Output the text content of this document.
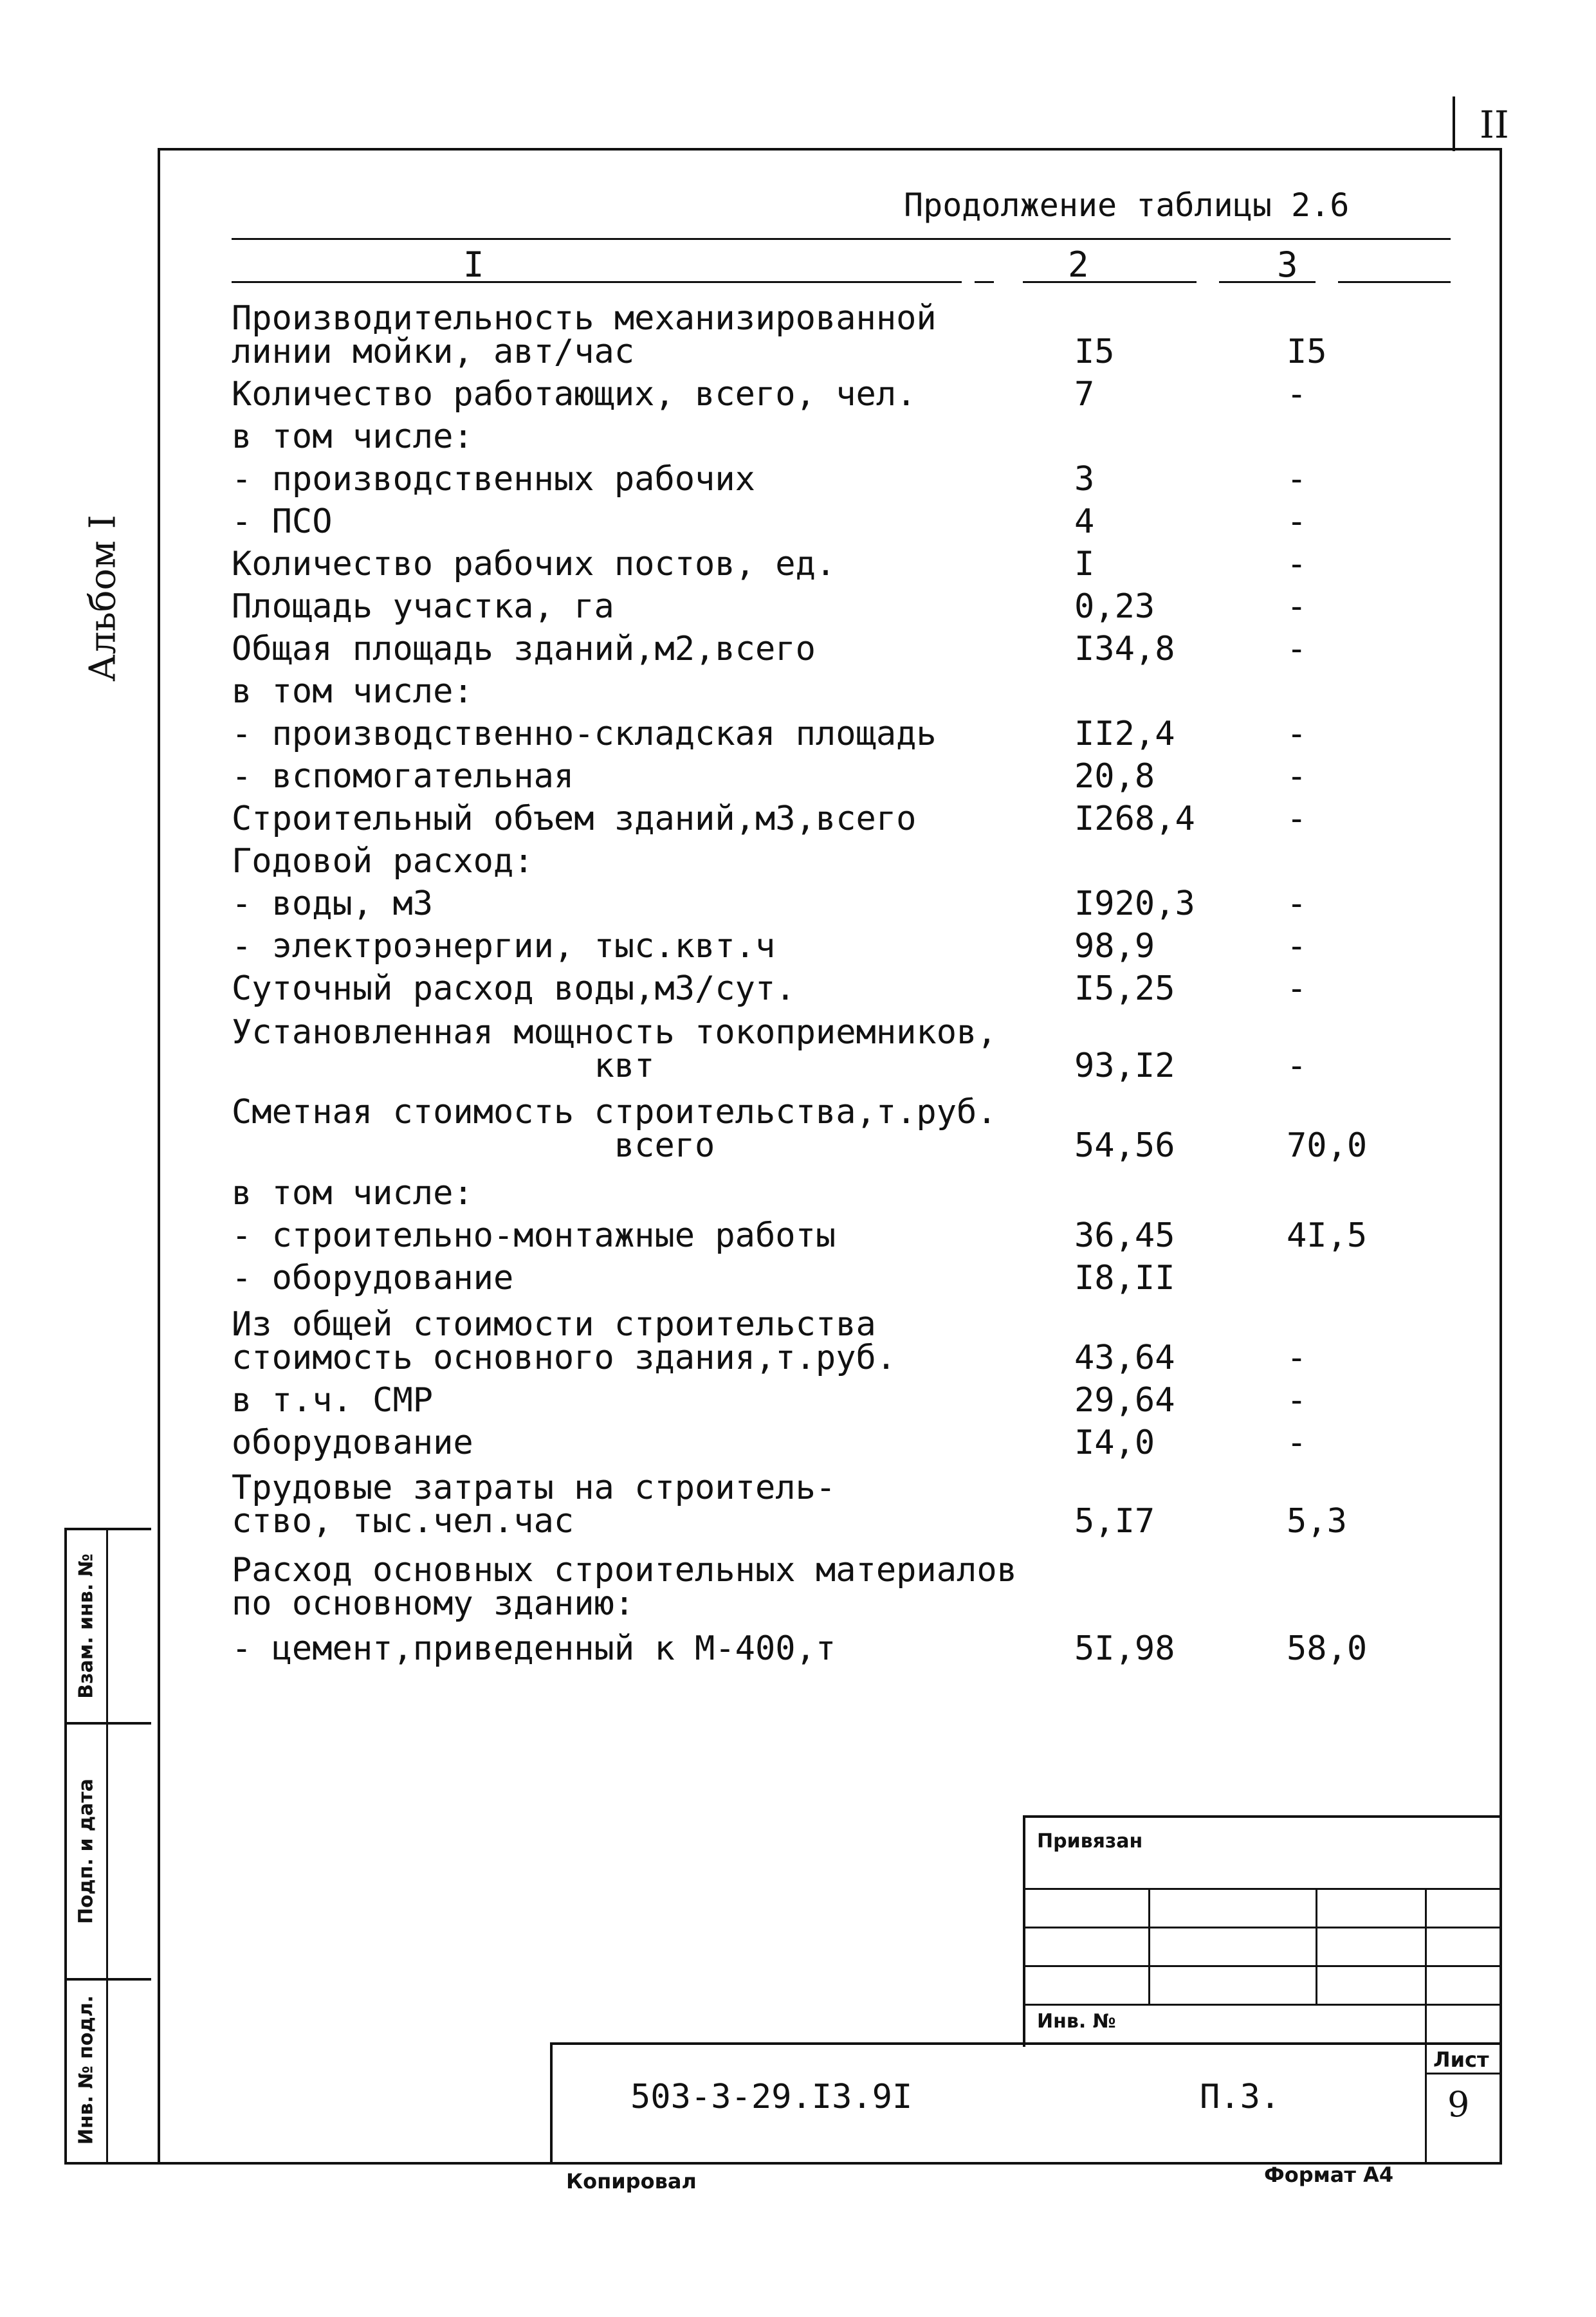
II
Продолжение таблицы 2.6
I	2	3
Производительность механизированной
линии мойки, авт/час	I5	I5
Количество работающих, всего, чел.	7	-
в том числе:
- производственных рабочих	3	-
- ПСО	4	-
Количество рабочих постов, ед.	I	-
Площадь участка, га	0,23	-
Общая площадь зданий,м2,всего	I34,8	-
в том числе:
- производственно-складская площадь	II2,4	-
- вспомогательная	20,8	-
Строительный объем зданий,м3,всего	I268,4	-
Годовой расход:
- воды, м3	I920,3	-
- электроэнергии, тыс.квт.ч	98,9	-
Суточный расход воды,м3/сут.	I5,25	-
Установленная мощность токоприемников,
квт	93,I2	-
Сметная стоимость строительства,т.руб.
всего	54,56	70,0
в том числе:
- строительно-монтажные работы	36,45	4I,5
- оборудование	I8,II
Из общей стоимости строительства
стоимость основного здания,т.руб.	43,64	-
в т.ч. СМР	29,64	-
оборудование	I4,0	-
Трудовые затраты на строитель-
ство, тыс.чел.час	5,I7	5,3
Расход основных строительных материалов
по основному зданию:
- цемент,приведенный к М-400,т	5I,98	58,0
Альбом I
Взам. инв. №
Подп. и дата
Инв. № подл.
Привязан
Инв. №
503-3-29.I3.9I	П.3.
Лист
9
Копировал	Формат А4
